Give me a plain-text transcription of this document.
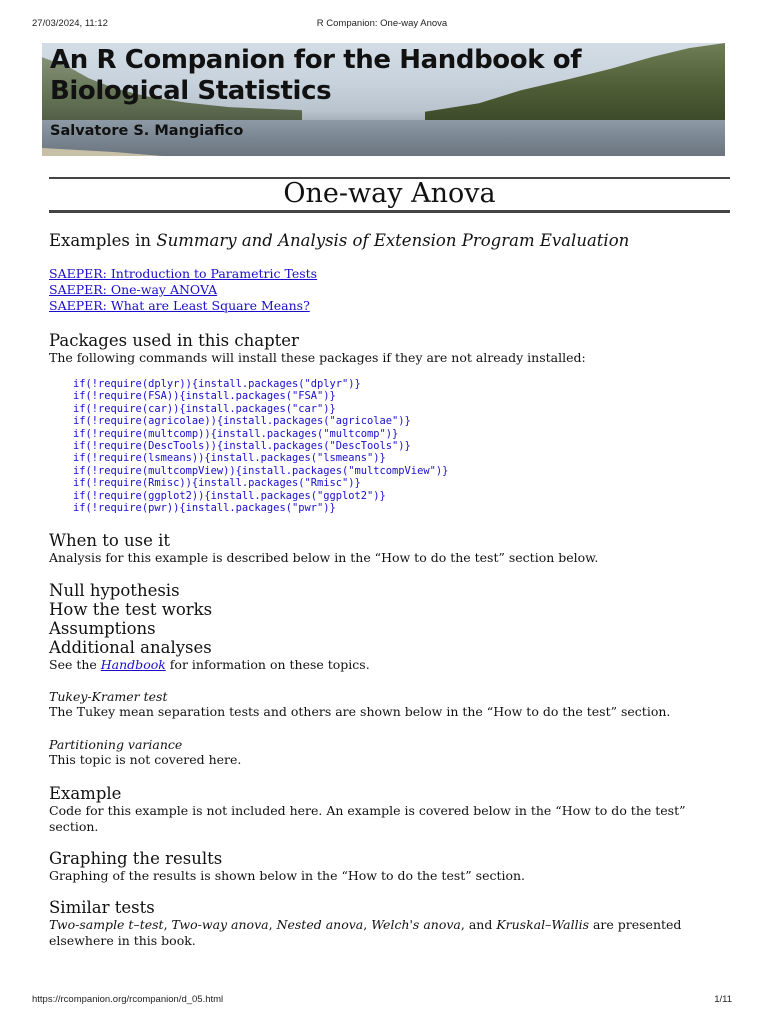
27/03/2024, 11:12	R Companion: One-way Anova
An R Companion for the Handbook of Biological Statistics
Salvatore S. Mangiafico
One-way Anova
Examples in Summary and Analysis of Extension Program Evaluation
SAEPER: Introduction to Parametric Tests
SAEPER: One-way ANOVA
SAEPER: What are Least Square Means?
Packages used in this chapter

The following commands will install these packages if they are not already installed:

if(!require(dplyr)){install.packages("dplyr")}
if(!require(FSA)){install.packages("FSA")}
if(!require(car)){install.packages("car")}
if(!require(agricolae)){install.packages("agricolae")}
if(!require(multcomp)){install.packages("multcomp")}
if(!require(DescTools)){install.packages("DescTools")}
if(!require(lsmeans)){install.packages("lsmeans")}
if(!require(multcompView)){install.packages("multcompView")}
if(!require(Rmisc)){install.packages("Rmisc")}
if(!require(ggplot2)){install.packages("ggplot2")}
if(!require(pwr)){install.packages("pwr")}
When to use it

Analysis for this example is described below in the “How to do the test” section below.

Null hypothesis
How the test works
Assumptions
Additional analyses

See the Handbook for information on these topics.

Tukey-Kramer test

The Tukey mean separation tests and others are shown below in the “How to do the test” section.

Partitioning variance

This topic is not covered here.

Example

Code for this example is not included here. An example is covered below in the “How to do the test”

section.

Graphing the results

Graphing of the results is shown below in the “How to do the test” section.

Similar tests

Two-sample t–test, Two-way anova, Nested anova, Welch's anova, and Kruskal–Wallis are presented

elsewhere in this book.

https://rcompanion.org/rcompanion/d_05.html	1/11
